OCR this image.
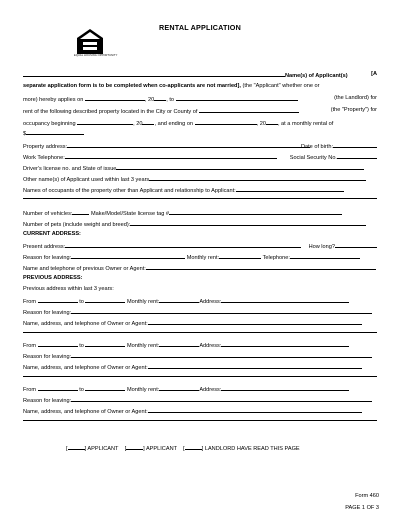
EQUAL HOUSING OPPORTUNITY
RENTAL APPLICATION
Name(s) of Applicant(s)	[A
separate application form is to be completed when co-applicants are not married], (the "Applicant" whether one or
more) hereby applies on	, 20 , to	(the Landlord) for
rent of the following described property located in the City or County of	(the "Property") for
occupancy beginning	, 20 , and ending on	, 20 , at a monthly rental of
$
Property address:	Date of birth:
Work Telephone:	Social Security No.
Driver's license no. and State of issue
Other name(s) of Applicant used within last 3 years
Names of occupants of the property other than Applicant and relationship to Applicant:
Number of vehicles:	Make/Model/State license tag #
Number of pets (include weight and breed):
CURRENT ADDRESS:
Present address:	How long?
Reason for leaving:	Monthly rent:	Telephone:
Name and telephone of previous Owner or Agent:
PREVIOUS ADDRESS:
Previous address within last 3 years:
From	to	Monthly rent:	Address:
Reason for leaving:
Name, address, and telephone of Owner or Agent:
From	to	Monthly rent:	Address:
Reason for leaving:
Name, address, and telephone of Owner or Agent:
From	to	Monthly rent:	Address:
Reason for leaving:
Name, address, and telephone of Owner or Agent:
[	] APPLICANT [	] APPLICANT [	] LANDLORD HAVE READ THIS PAGE
Form 460
PAGE 1 OF 3
